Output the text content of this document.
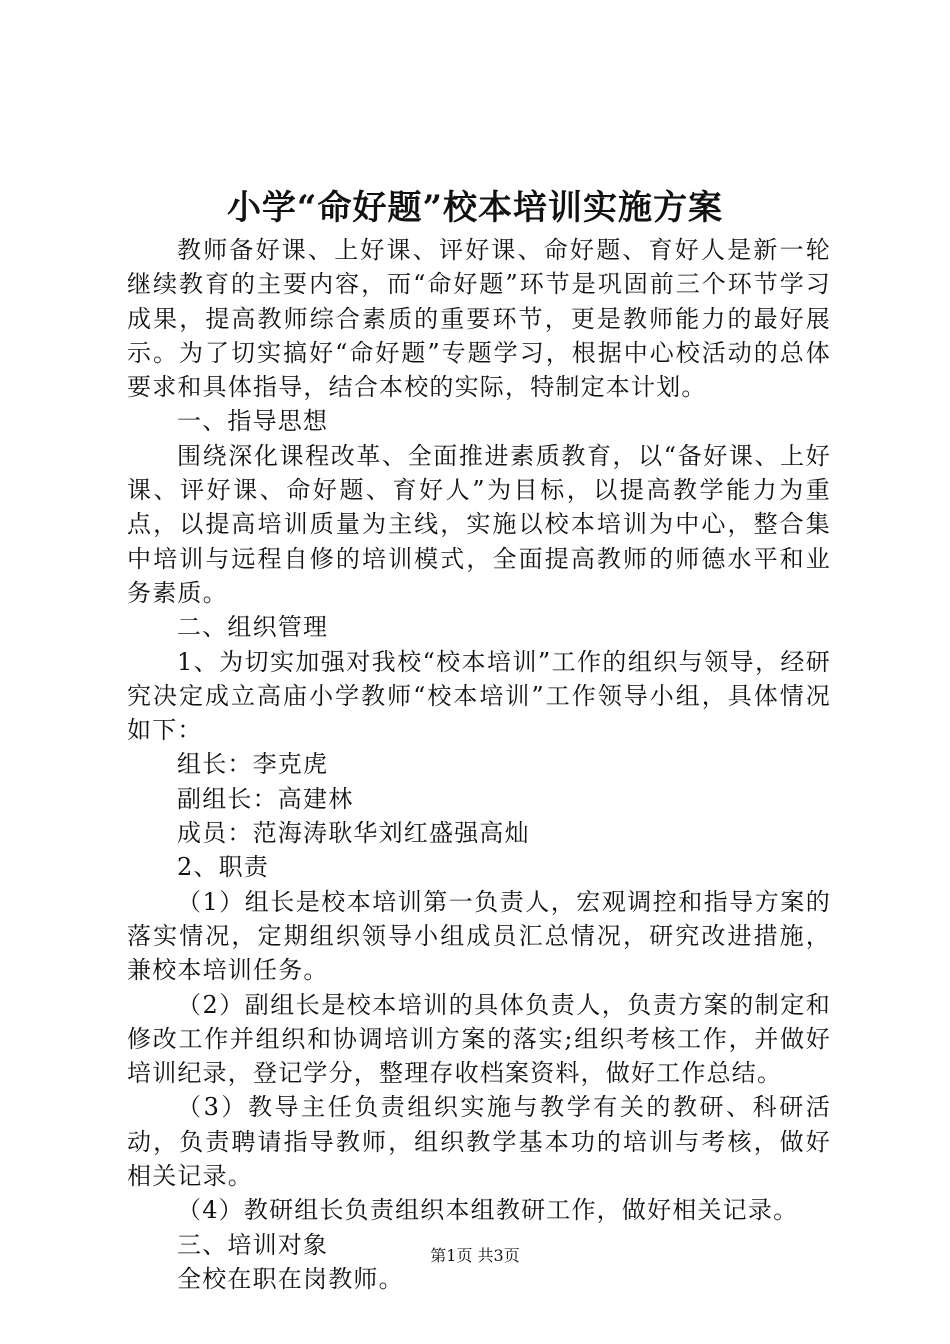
小学“命好题”校本培训实施方案

教师备好课、上好课、评好课、命好题、育好人是新一轮继续教育的主要内容，而“命好题”环节是巩固前三个环节学习成果，提高教师综合素质的重要环节，更是教师能力的最好展示。为了切实搞好“命好题”专题学习，根据中心校活动的总体要求和具体指导，结合本校的实际，特制定本计划。

一、指导思想

围绕深化课程改革、全面推进素质教育，以“备好课、上好课、评好课、命好题、育好人”为目标，以提高教学能力为重点，以提高培训质量为主线，实施以校本培训为中心，整合集中培训与远程自修的培训模式，全面提高教师的师德水平和业务素质。

二、组织管理

1、为切实加强对我校“校本培训”工作的组织与领导，经研究决定成立高庙小学教师“校本培训”工作领导小组，具体情况如下：

组长：李克虎

副组长：高建林

成员：范海涛耿华刘红盛强高灿

2、职责

（1）组长是校本培训第一负责人，宏观调控和指导方案的落实情况，定期组织领导小组成员汇总情况，研究改进措施，兼校本培训任务。

（2）副组长是校本培训的具体负责人，负责方案的制定和修改工作并组织和协调培训方案的落实;组织考核工作，并做好培训纪录，登记学分，整理存收档案资料，做好工作总结。

（3）教导主任负责组织实施与教学有关的教研、科研活动，负责聘请指导教师，组织教学基本功的培训与考核，做好相关记录。

（4）教研组长负责组织本组教研工作，做好相关记录。

三、培训对象

全校在职在岗教师。

第1页 共3页
